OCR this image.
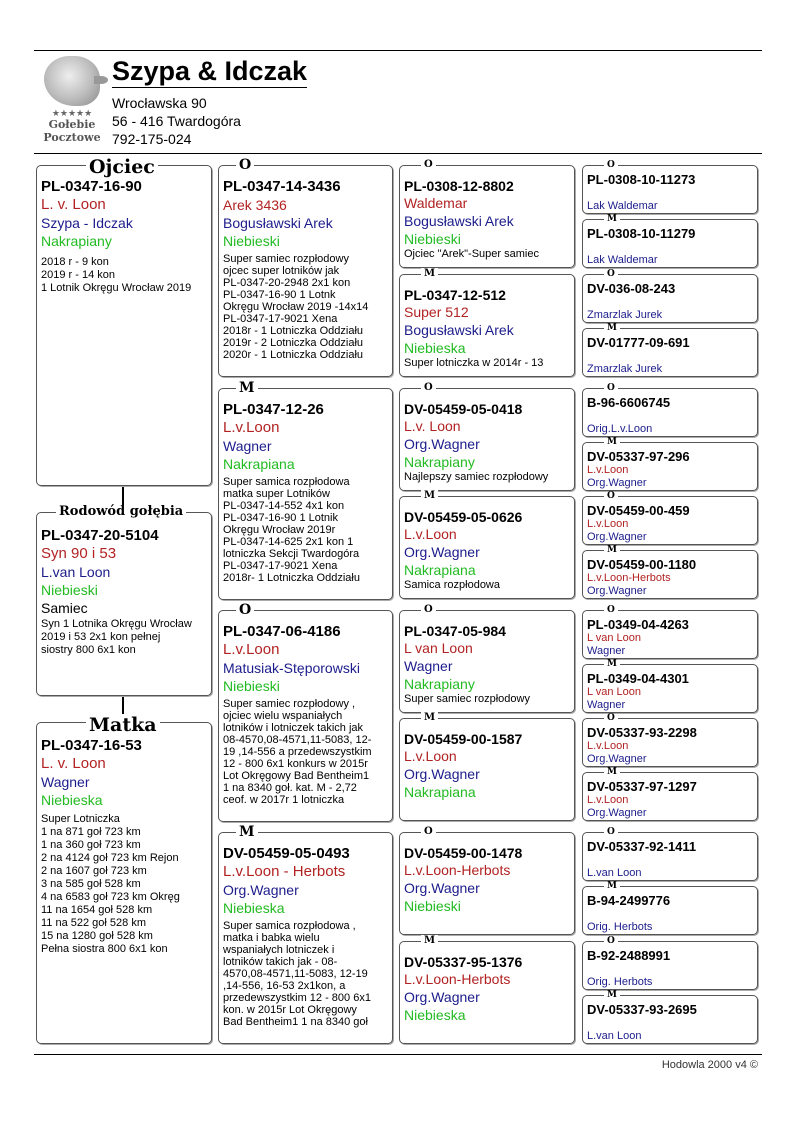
★★★★★
Gołebie
Pocztowe
Szypa & Idczak
Wrocławska 90
56 - 416 Twardogóra
792-175-024
PL-0347-16-90
L. v. Loon
Szypa - Idczak
Nakrapiany
2018 r - 9 kon
2019 r - 14 kon
1 Lotnik Okręgu Wrocław 2019
Ojciec
PL-0347-20-5104
Syn 90 i 53
L.van Loon
Niebieski
Samiec
Syn 1 Lotnika Okręgu Wrocław
2019 i 53 2x1 kon pełnej
siostry 800 6x1 kon
Rodowód gołębia
PL-0347-16-53
L. v. Loon
Wagner
Niebieska
Super Lotniczka
1 na 871 goł 723 km
1 na 360 goł 723 km
2 na 4124 goł 723 km Rejon
2 na 1607 goł 723 km
3 na 585 goł 528 km
4 na 6583 goł 723 km Okręg
11 na 1654 goł 528 km
11 na 522 goł 528 km
15 na 1280 goł 528 km
Pełna siostra 800 6x1 kon
Matka
PL-0347-14-3436
Arek 3436
Bogusławski Arek
Niebieski
Super samiec rozpłodowy
ojcec super lotników jak
PL-0347-20-2948 2x1 kon
PL-0347-16-90 1 Lotnk
Okręgu Wrocław 2019 -14x14
PL-0347-17-9021 Xena
2018r - 1 Lotniczka Oddziału
2019r - 2 Lotniczka Oddziału
2020r - 1 Lotniczka Oddziału
O
PL-0347-12-26
L.v.Loon
Wagner
Nakrapiana
Super samica rozpłodowa
matka super Lotników
PL-0347-14-552 4x1 kon
PL-0347-16-90 1 Lotnik
Okręgu Wrocław 2019r
PL-0347-14-625 2x1 kon 1
lotniczka Sekcji Twardogóra
PL-0347-17-9021 Xena
2018r- 1 Lotniczka Oddziału
M
PL-0347-06-4186
L.v.Loon
Matusiak-Stęporowski
Niebieski
Super samiec rozpłodowy ,
ojciec wielu wspaniałych
lotników i lotniczek takich jak
08-4570,08-4571,11-5083, 12-
19 ,14-556 a przedewszystkim
12 - 800 6x1 konkurs w 2015r
Lot Okręgowy Bad Bentheim1
1 na 8340 goł. kat. M - 2,72
ceof. w 2017r 1 lotniczka
O
DV-05459-05-0493
L.v.Loon - Herbots
Org.Wagner
Niebieska
Super samica rozpłodowa ,
matka i babka wielu
wspaniałych lotniczek i
lotników takich jak - 08-
4570,08-4571,11-5083, 12-19
,14-556, 16-53 2x1kon, a
przedewszystkim 12 - 800 6x1
kon. w 2015r Lot Okręgowy
Bad Bentheim1 1 na 8340 goł
M
PL-0308-12-8802
Waldemar
Bogusławski Arek
Niebieski
Ojciec "Arek"-Super samiec
O
PL-0347-12-512
Super 512
Bogusławski Arek
Niebieska
Super lotniczka w 2014r - 13
M
DV-05459-05-0418
L.v. Loon
Org.Wagner
Nakrapiany
Najlepszy samiec rozpłodowy
O
DV-05459-05-0626
L.v.Loon
Org.Wagner
Nakrapiana
Samica rozpłodowa
M
PL-0347-05-984
L van Loon
Wagner
Nakrapiany
Super samiec rozpłodowy
O
DV-05459-00-1587
L.v.Loon
Org.Wagner
Nakrapiana
M
DV-05459-00-1478
L.v.Loon-Herbots
Org.Wagner
Niebieski
O
DV-05337-95-1376
L.v.Loon-Herbots
Org.Wagner
Niebieska
M
PL-0308-10-11273
Lak Waldemar
O
PL-0308-10-11279
Lak Waldemar
M
DV-036-08-243
Zmarzlak Jurek
O
DV-01777-09-691
Zmarzlak Jurek
M
B-96-6606745
Orig.L.v.Loon
O
DV-05337-97-296
L.v.Loon
Org.Wagner
M
DV-05459-00-459
L.v.Loon
Org.Wagner
O
DV-05459-00-1180
L.v.Loon-Herbots
Org.Wagner
M
PL-0349-04-4263
L van Loon
Wagner
O
PL-0349-04-4301
L van Loon
Wagner
M
DV-05337-93-2298
L.v.Loon
Org.Wagner
O
DV-05337-97-1297
L.v.Loon
Org.Wagner
M
DV-05337-92-1411
L.van Loon
O
B-94-2499776
Orig. Herbots
M
B-92-2488991
Orig. Herbots
O
DV-05337-93-2695
L.van Loon
M
Hodowla 2000 v4 ©
